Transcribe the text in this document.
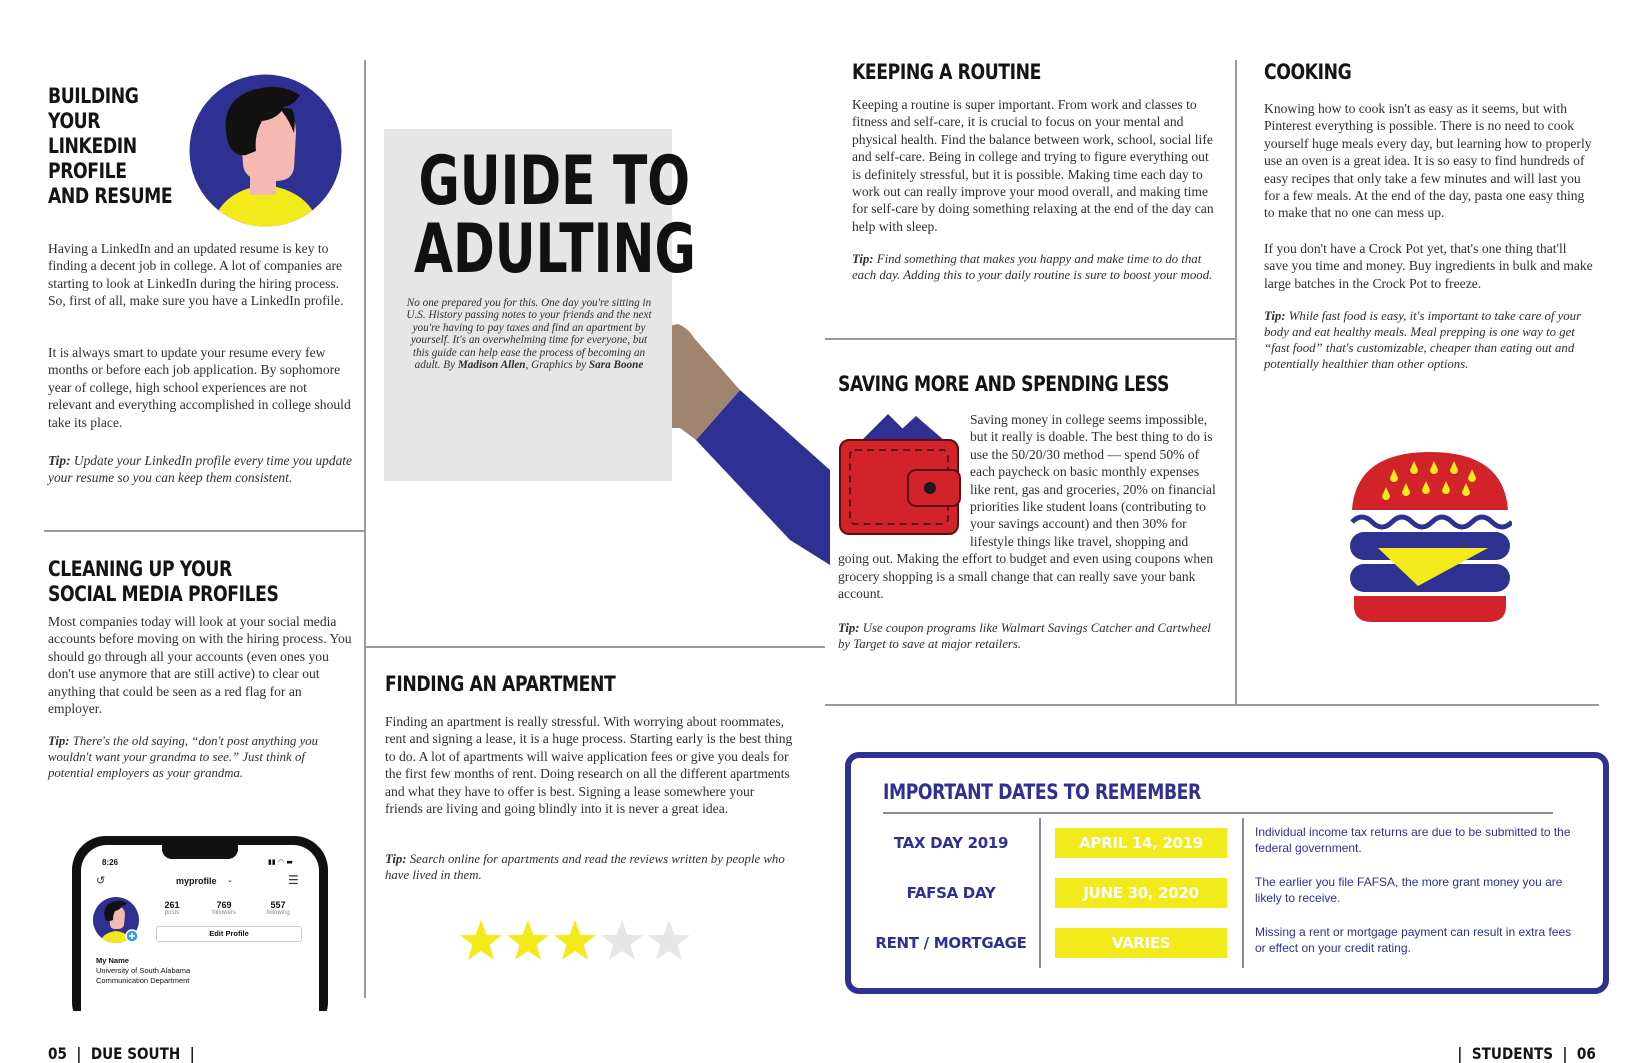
BUILDING
YOUR
LINKEDIN
PROFILE
AND RESUME

Having a LinkedIn and an updated resume is key to finding a decent job in college. A lot of companies are starting to look at LinkedIn during the hiring process. So, first of all, make sure you have a LinkedIn profile.

It is always smart to update your resume every few months or before each job application. By sophomore year of college, high school experiences are not relevant and everything accomplished in college should take its place.

Tip: Update your LinkedIn profile every time you update your resume so you can keep them consistent.

CLEANING UP YOUR
SOCIAL MEDIA PROFILES

Most companies today will look at your social media accounts before moving on with the hiring process. You should go through all your accounts (even ones you don't use anymore that are still active) to clear out anything that could be seen as a red flag for an employer.

Tip: There's the old saying, “don't post anything you wouldn't want your grandma to see.” Just think of potential employers as your grandma.

8:26	▮▮ ◠ ▬
↺	myprofile ⌄	☰
261
posts
769
followers
557
following
Edit Profile
My Name
University of South Alabama
Communication Department
GUIDE TO
ADULTING

No one prepared you for this. One day you're sitting in U.S. History passing notes to your friends and the next you're having to pay taxes and find an apartment by yourself. It's an overwhelming time for everyone, but this guide can help ease the process of becoming an adult. By Madison Allen, Graphics by Sara Boone

FINDING AN APARTMENT

Finding an apartment is really stressful. With worrying about roommates, rent and signing a lease, it is a huge process. Starting early is the best thing to do. A lot of apartments will waive application fees or give you deals for the first few months of rent. Doing research on all the different apartments and what they have to offer is best. Signing a lease somewhere your friends are living and going blindly into it is never a great idea.

Tip: Search online for apartments and read the reviews written by people who have lived in them.

KEEPING A ROUTINE

Keeping a routine is super important. From work and classes to fitness and self-care, it is crucial to focus on your mental and physical health. Find the balance between work, school, social life and self-care. Being in college and trying to figure everything out is definitely stressful, but it is possible. Making time each day to work out can really improve your mood overall, and making time for self-care by doing something relaxing at the end of the day can help with sleep.

Tip: Find something that makes you happy and make time to do that each day. Adding this to your daily routine is sure to boost your mood.

SAVING MORE AND SPENDING LESS

Saving money in college seems impossible, but it really is doable. The best thing to do is use the 50/20/30 method — spend 50% of each paycheck on basic monthly expenses like rent, gas and groceries, 20% on financial priorities like student loans (contributing to your savings account) and then 30% for lifestyle things like travel, shopping and going out. Making the effort to budget and even using coupons when grocery shopping is a small change that can really save your bank account.

Tip: Use coupon programs like Walmart Savings Catcher and Cartwheel by Target to save at major retailers.

COOKING

Knowing how to cook isn't as easy as it seems, but with Pinterest everything is possible. There is no need to cook yourself huge meals every day, but learning how to properly use an oven is a great idea. It is so easy to find hundreds of easy recipes that only take a few minutes and will last you for a few meals. At the end of the day, pasta one easy thing to make that no one can mess up.

If you don't have a Crock Pot yet, that's one thing that'll save you time and money. Buy ingredients in bulk and make large batches in the Crock Pot to freeze.

Tip: While fast food is easy, it's important to take care of your body and eat healthy meals. Meal prepping is one way to get “fast food” that's customizable, cheaper than eating out and potentially healthier than other options.

IMPORTANT DATES TO REMEMBER
TAX DAY 2019	APRIL 14, 2019
Individual income tax returns are due to be submitted to the federal government.
FAFSA DAY	JUNE 30, 2020
The earlier you file FAFSA, the more grant money you are likely to receive.
RENT / MORTGAGE	VARIES
Missing a rent or mortgage payment can result in extra fees or effect on your credit rating.
05  |  DUE SOUTH  |	|  STUDENTS  |  06
